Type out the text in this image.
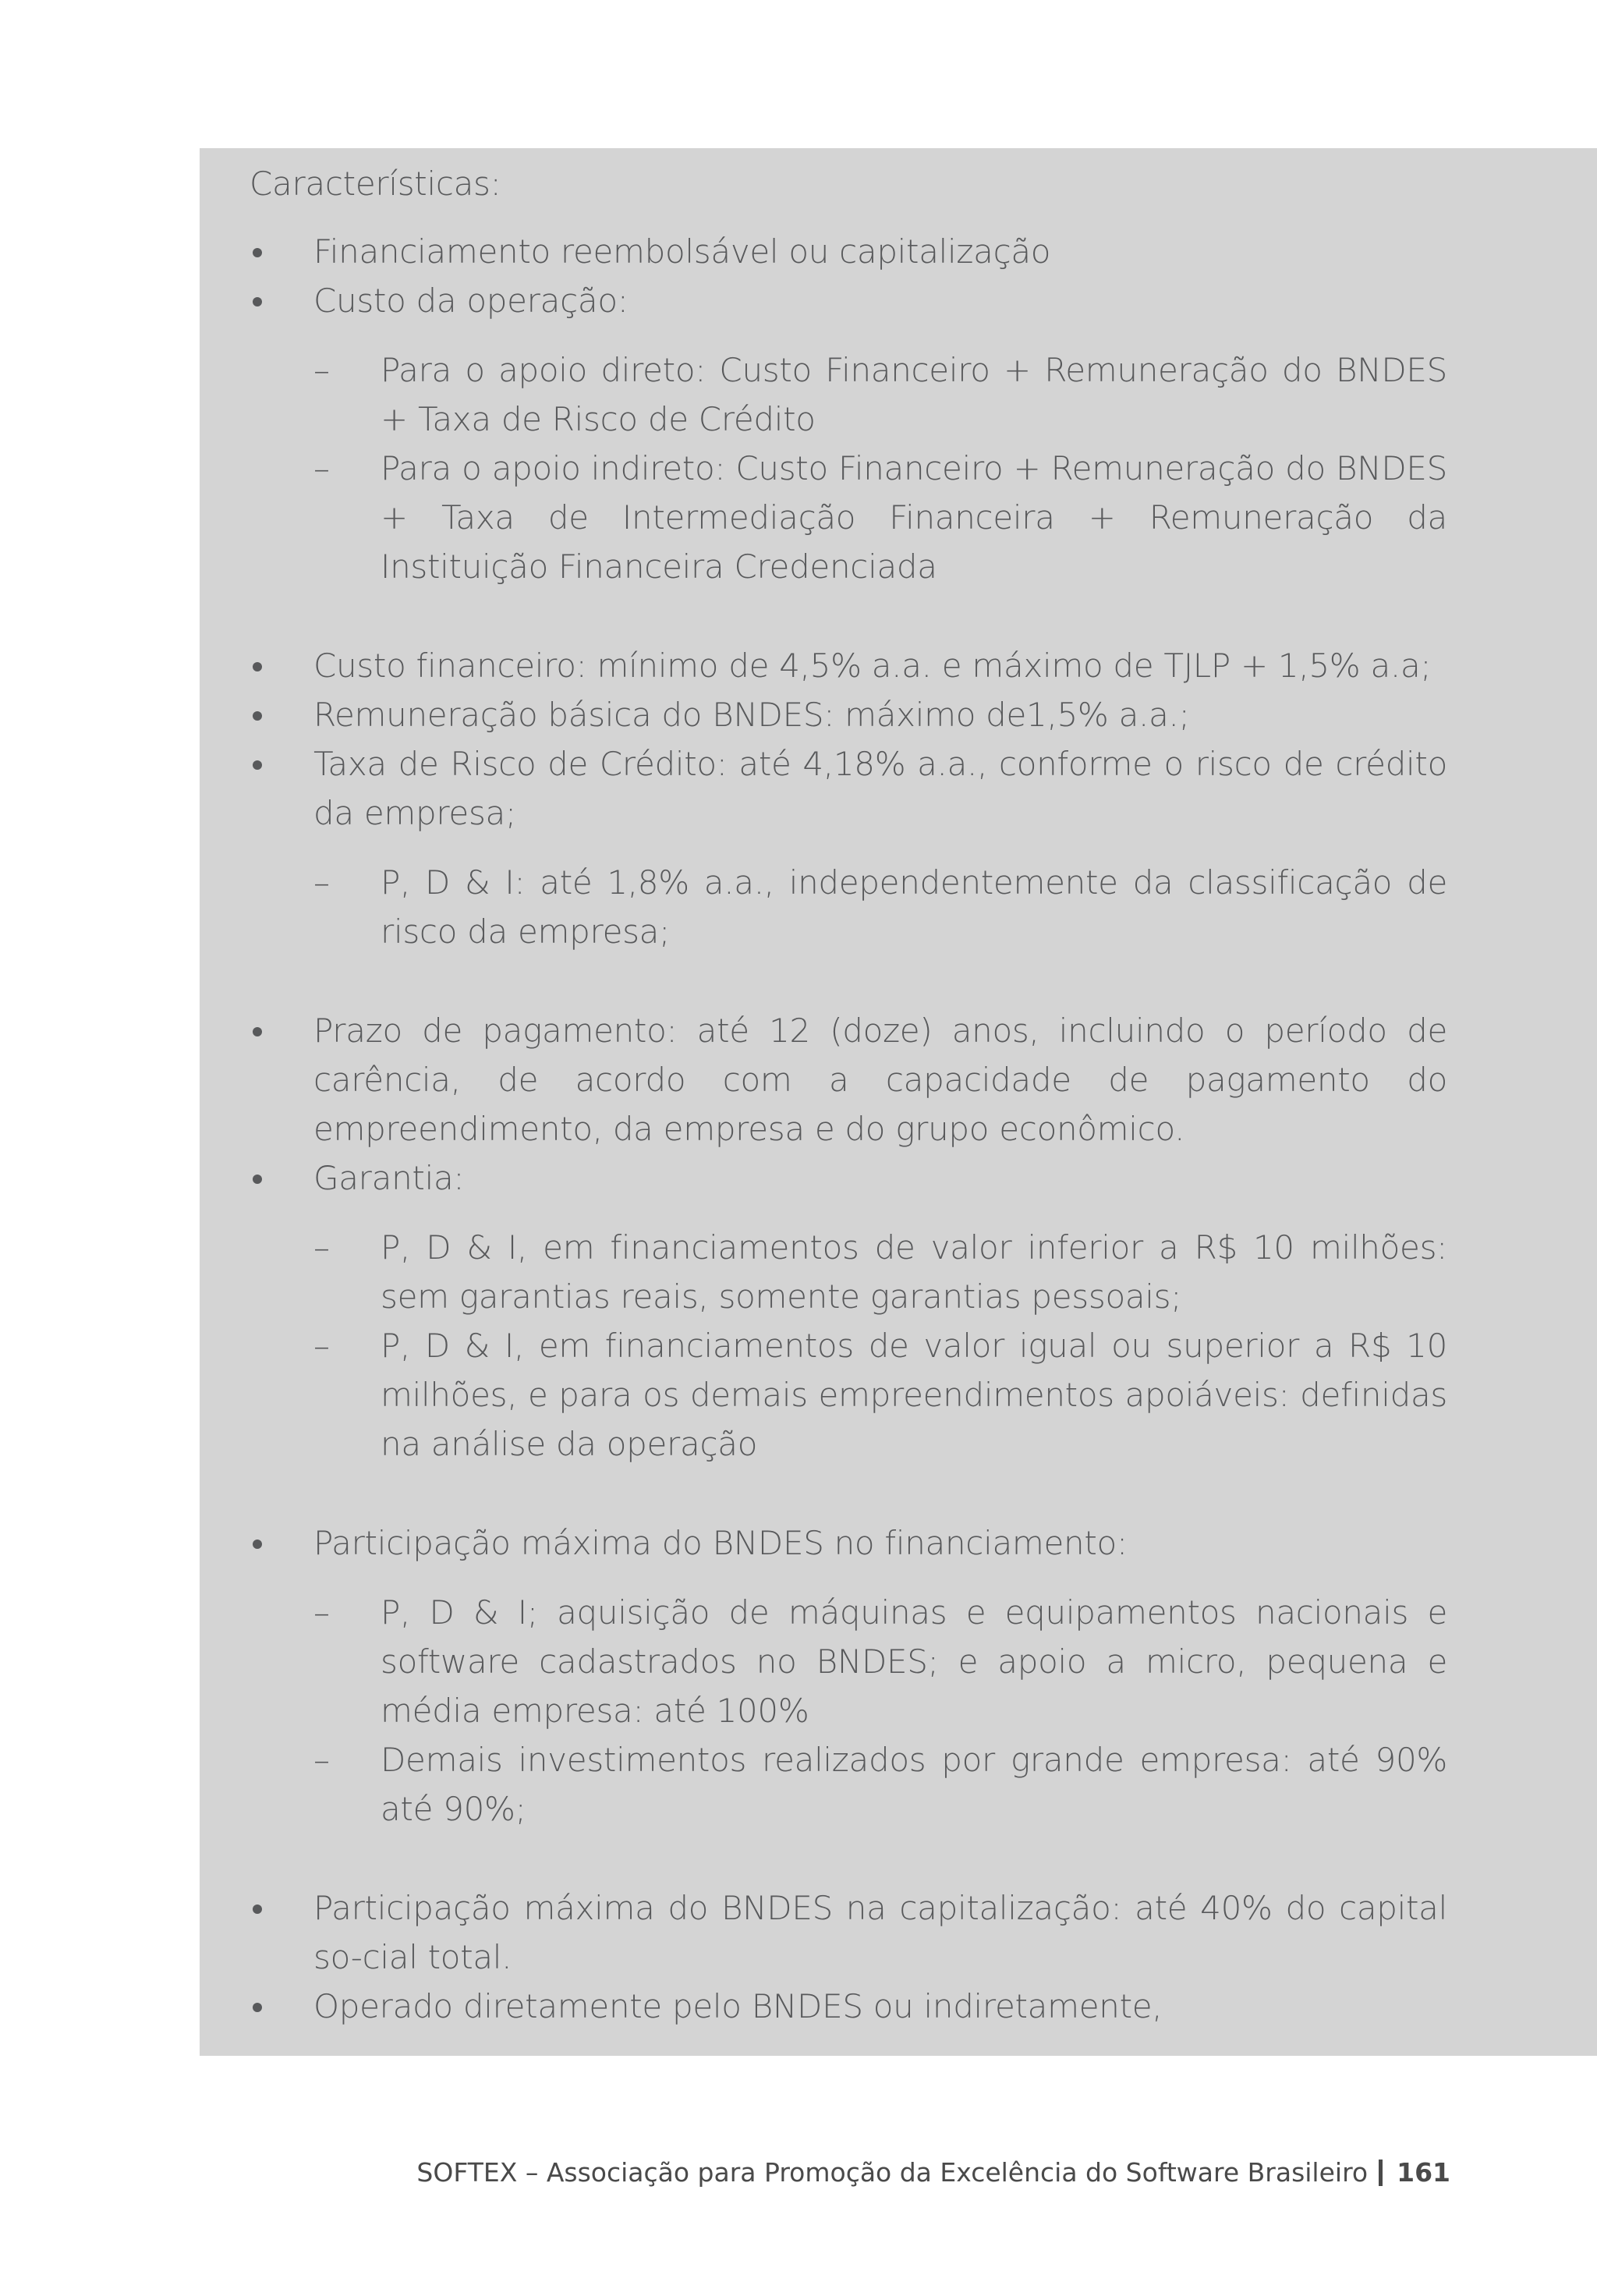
Características:
Financiamento reembolsável ou capitalização
Custo da operação:
– Para o apoio direto: Custo Financeiro + Remuneração do BNDES + Taxa de Risco de Crédito
– Para o apoio indireto: Custo Financeiro + Remuneração do BNDES + Taxa de Intermediação Financeira + Remuneração da Instituição Financeira Credenciada
Custo financeiro: mínimo de 4,5% a.a. e máximo de TJLP + 1,5% a.a;
Remuneração básica do BNDES: máximo de1,5% a.a.;
Taxa de Risco de Crédito: até 4,18% a.a., conforme o risco de crédito da empresa;
– P, D & I: até 1,8% a.a., independentemente da classificação de risco da empresa;
Prazo de pagamento: até 12 (doze) anos, incluindo o período de carência, de acordo com a capacidade de pagamento do empreendimento, da empresa e do grupo econômico.
Garantia:
– P, D & I, em financiamentos de valor inferior a R$ 10 milhões: sem garantias reais, somente garantias pessoais;
– P, D & I, em financiamentos de valor igual ou superior a R$ 10 milhões, e para os demais empreendimentos apoiáveis: definidas na análise da operação
Participação máxima do BNDES no financiamento:
– P, D & I; aquisição de máquinas e equipamentos nacionais e software cadastrados no BNDES; e apoio a micro, pequena e média empresa: até 100%
– Demais investimentos realizados por grande empresa: até 90% até 90%;
Participação máxima do BNDES na capitalização: até 40% do capital so-cial total.
Operado diretamente pelo BNDES ou indiretamente,
SOFTEX – Associação para Promoção da Excelência do Software Brasileiro 161
